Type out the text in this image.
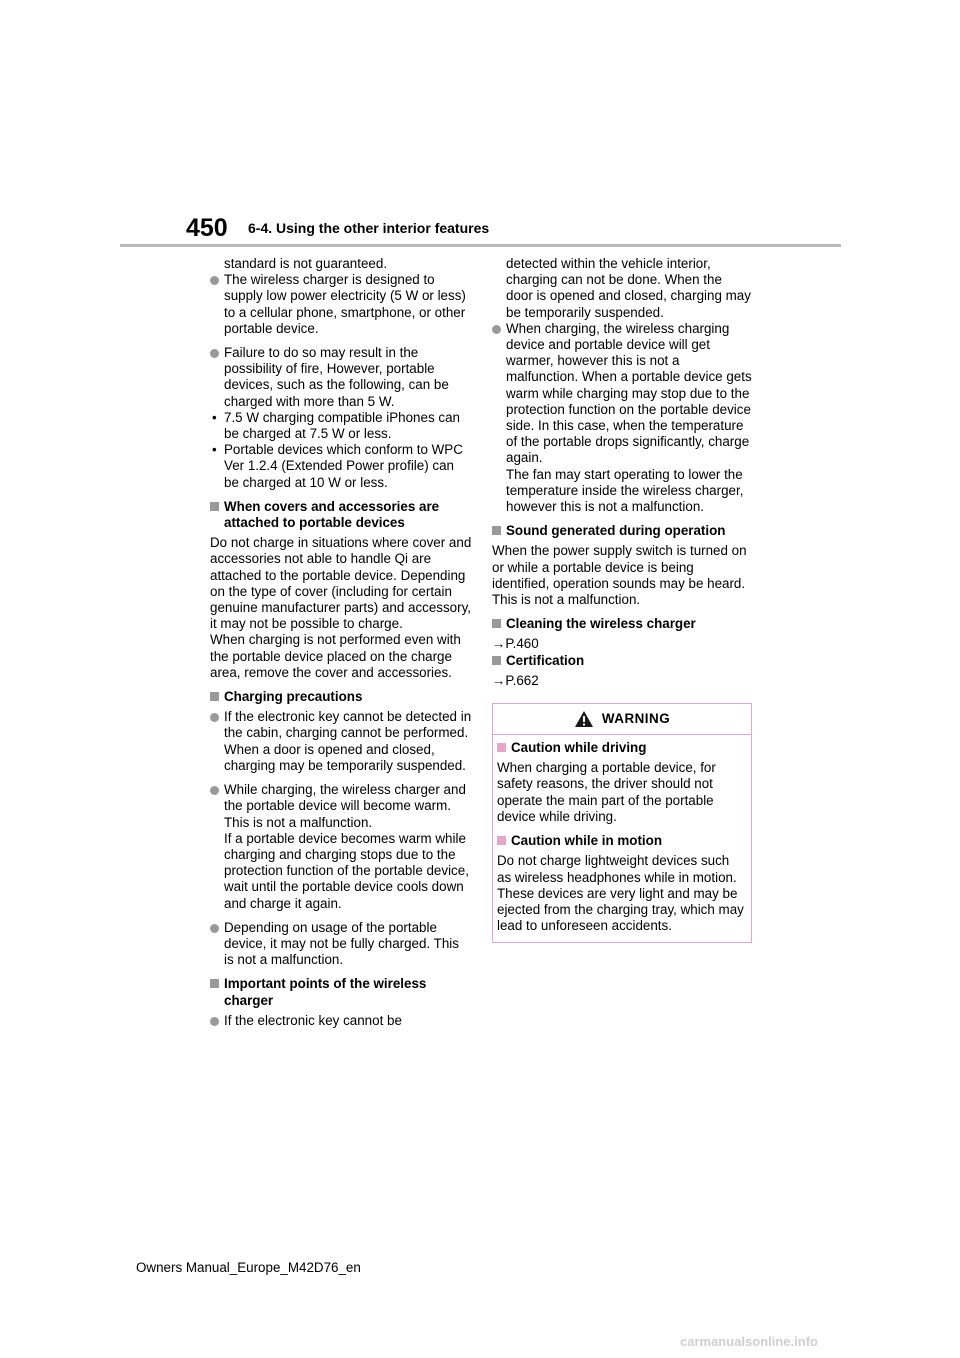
450 6-4. Using the other interior features

standard is not guaranteed.

The wireless charger is designed to supply low power electricity (5 W or less) to a cellular phone, smartphone, or other portable device.
Failure to do so may result in the possibility of fire, However, portable devices, such as the following, can be charged with more than 5 W.
• 7.5 W charging compatible iPhones can be charged at 7.5 W or less.
• Portable devices which conform to WPC Ver 1.2.4 (Extended Power profile) can be charged at 10 W or less.
When covers and accessories are attached to portable devices

Do not charge in situations where cover and accessories not able to handle Qi are attached to the portable device. Depending on the type of cover (including for certain genuine manufacturer parts) and accessory, it may not be possible to charge.

When charging is not performed even with the portable device placed on the charge area, remove the cover and accessories.

Charging precautions
If the electronic key cannot be detected in the cabin, charging cannot be performed. When a door is opened and closed, charging may be temporarily suspended.
While charging, the wireless charger and the portable device will become warm. This is not a malfunction.
If a portable device becomes warm while charging and charging stops due to the protection function of the portable device, wait until the portable device cools down and charge it again.
Depending on usage of the portable device, it may not be fully charged. This is not a malfunction.
Important points of the wireless charger
If the electronic key cannot be

detected within the vehicle interior, charging can not be done. When the door is opened and closed, charging may be temporarily suspended.

When charging, the wireless charging device and portable device will get warmer, however this is not a malfunction. When a portable device gets warm while charging may stop due to the protection function on the portable device side. In this case, when the temperature of the portable drops significantly, charge again.
The fan may start operating to lower the temperature inside the wireless charger, however this is not a malfunction.
Sound generated during operation

When the power supply switch is turned on or while a portable device is being identified, operation sounds may be heard. This is not a malfunction.

Cleaning the wireless charger

→P.460

Certification

→P.662

WARNING
Caution while driving

When charging a portable device, for safety reasons, the driver should not operate the main part of the portable device while driving.

Caution while in motion

Do not charge lightweight devices such as wireless headphones while in motion. These devices are very light and may be ejected from the charging tray, which may lead to unforeseen accidents.

Owners Manual_Europe_M42D76_en
carmanualsonline.info
